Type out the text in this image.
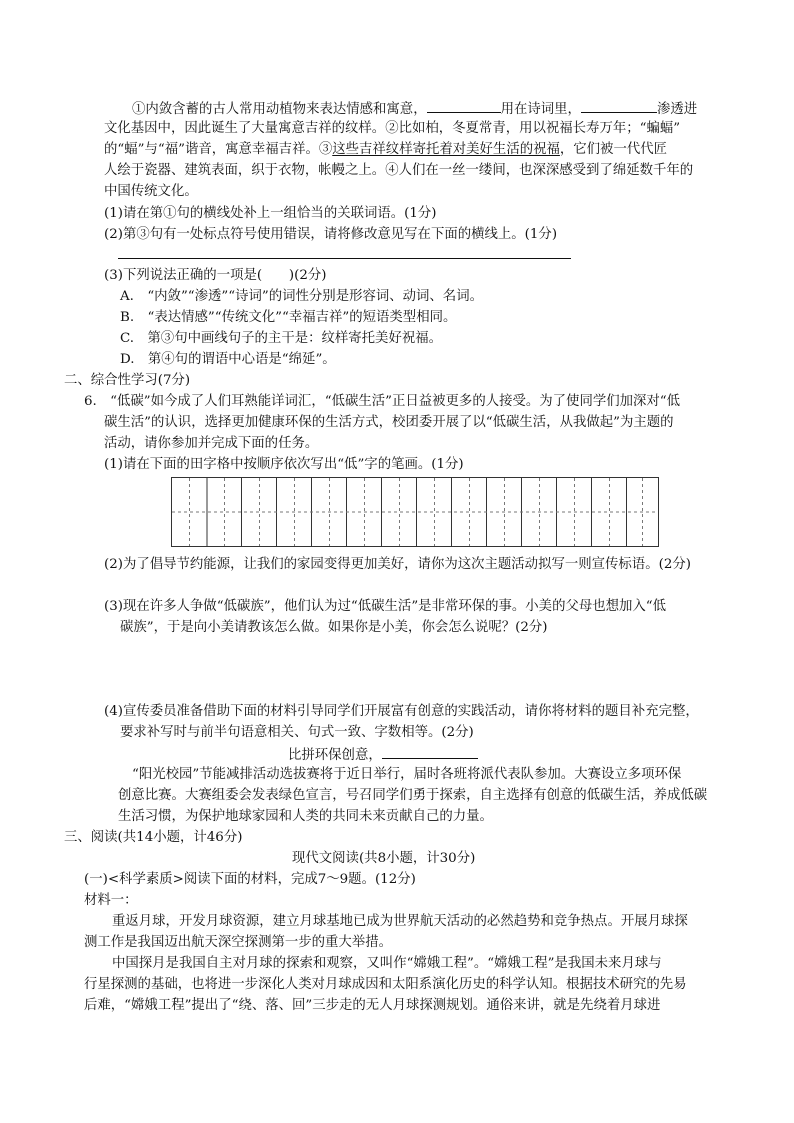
①内敛含蓄的古人常用动植物来表达情感和寓意，	用在诗词里，	渗透进
文化基因中，因此诞生了大量寓意吉祥的纹样。②比如柏，冬夏常青，用以祝福长寿万年；“蝙蝠”
的“蝠”与“福”谐音，寓意幸福吉祥。③这些吉祥纹样寄托着对美好生活的祝福，它们被一代代匠
人绘于瓷器、建筑表面，织于衣物，帐幔之上。④人们在一丝一缕间，也深深感受到了绵延数千年的
中国传统文化。
(1)请在第①句的横线处补上一组恰当的关联词语。(1分)
(2)第③句有一处标点符号使用错误，请将修改意见写在下面的横线上。(1分)
(3)下列说法正确的一项是(　　)(2分)
A.　“内敛”“渗透”“诗词”的词性分别是形容词、动词、名词。
B.　“表达情感”“传统文化”“幸福吉祥”的短语类型相同。
C.　第③句中画线句子的主干是：纹样寄托美好祝福。
D.　第④句的谓语中心语是“绵延”。
二、综合性学习(7分)
6.　“低碳”如今成了人们耳熟能详词汇，“低碳生活”正日益被更多的人接受。为了使同学们加深对“低
碳生活”的认识，选择更加健康环保的生活方式，校团委开展了以“低碳生活，从我做起”为主题的
活动，请你参加并完成下面的任务。
(1)请在下面的田字格中按顺序依次写出“低”字的笔画。(1分)
(2)为了倡导节约能源，让我们的家园变得更加美好，请你为这次主题活动拟写一则宣传标语。(2分)
(3)现在许多人争做“低碳族”，他们认为过“低碳生活”是非常环保的事。小美的父母也想加入“低
碳族”，于是向小美请教该怎么做。如果你是小美，你会怎么说呢？(2分)
(4)宣传委员准备借助下面的材料引导同学们开展富有创意的实践活动，请你将材料的题目补充完整，
要求补写时与前半句语意相关、句式一致、字数相等。(2分)
比拼环保创意，
“阳光校园”节能减排活动选拔赛将于近日举行，届时各班将派代表队参加。大赛设立多项环保
创意比赛。大赛组委会发表绿色宣言，号召同学们勇于探索，自主选择有创意的低碳生活，养成低碳
生活习惯，为保护地球家园和人类的共同未来贡献自己的力量。
三、阅读(共14小题，计46分)
现代文阅读(共8小题，计30分)
(一)<科学素质>阅读下面的材料，完成7～9题。(12分)
材料一：
重返月球，开发月球资源，建立月球基地已成为世界航天活动的必然趋势和竞争热点。开展月球探
测工作是我国迈出航天深空探测第一步的重大举措。
中国探月是我国自主对月球的探索和观察，又叫作“嫦娥工程”。“嫦娥工程”是我国未来月球与
行星探测的基础，也将进一步深化人类对月球成因和太阳系演化历史的科学认知。根据技术研究的先易
后难，“嫦娥工程”提出了“绕、落、回”三步走的无人月球探测规划。通俗来讲，就是先绕着月球进
